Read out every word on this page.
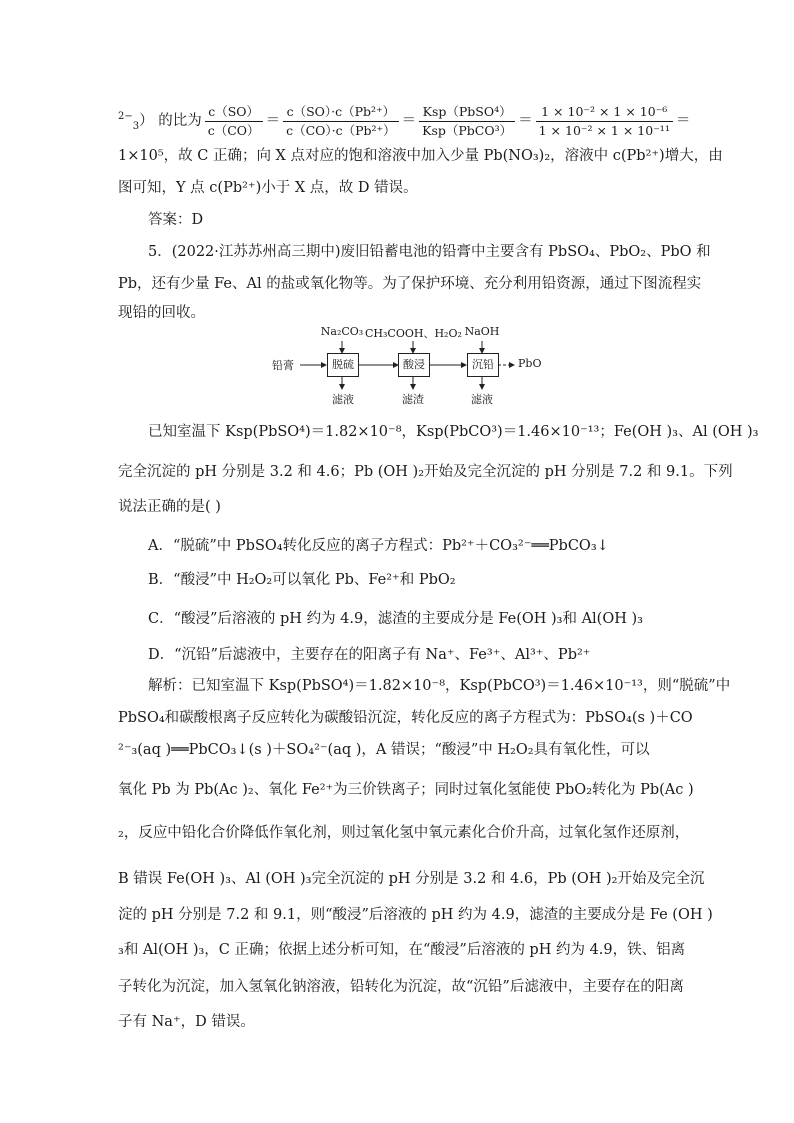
$^{2-}_3$） 的比为 $\frac{c(SO)}{c(CO)} = \frac{\text{c（SO）·c（Pb²⁺）}}{\text{c（CO）·c（Pb²⁺）}} = \frac{\text{Ksp（PbSO⁴）}}{\text{Ksp（PbCO³）}} = \frac{\text{1 × 10⁻² × 1 × 10⁻⁶}}{\text{1 × 10⁻² × 1 × 10⁻¹¹}}$ ＝
1×10⁵，故 C 正确；向 X 点对应的饱和溶液中加入少量 Pb(NO₃)₂，溶液中 c(Pb²⁺)增大，由
图可知，Y 点 c(Pb²⁺)小于 X 点，故 D 错误。
答案：D
5．(2022·江苏苏州高三期中)废旧铅蓄电池的铅膏中主要含有 PbSO₄、PbO₂、PbO 和
Pb，还有少量 Fe、Al 的盐或氧化物等。为了保护环境、充分利用铅资源，通过下图流程实
现铅的回收。
Na₂CO₃ CH₃COOH、H₂O₂ NaOH
铅膏	脱硫	酸浸	沉铅	PbO
滤液	滤渣	滤液
已知室温下 Ksp(PbSO⁴)＝1.82×10⁻⁸，Ksp(PbCO³)＝1.46×10⁻¹³；Fe(OH )₃、Al (OH )₃
完全沉淀的 pH 分别是 3.2 和 4.6；Pb (OH )₂开始及完全沉淀的 pH 分别是 7.2 和 9.1。下列
说法正确的是( )
A．“脱硫”中 PbSO₄转化反应的离子方程式：Pb²⁺＋CO₃²⁻══PbCO₃↓
B．“酸浸”中 H₂O₂可以氧化 Pb、Fe²⁺和 PbO₂
C．“酸浸”后溶液的 pH 约为 4.9，滤渣的主要成分是 Fe(OH )₃和 Al(OH )₃
D．“沉铅”后滤液中，主要存在的阳离子有 Na⁺、Fe³⁺、Al³⁺、Pb²⁺
解析：已知室温下 Ksp(PbSO⁴)＝1.82×10⁻⁸，Ksp(PbCO³)＝1.46×10⁻¹³，则“脱硫”中
PbSO₄和碳酸根离子反应转化为碳酸铅沉淀，转化反应的离子方程式为：PbSO₄(s )＋CO
²⁻₃(aq )══PbCO₃↓(s )＋SO₄²⁻(aq )，A 错误；“酸浸”中 H₂O₂具有氧化性，可以
氧化 Pb 为 Pb(Ac )₂、氧化 Fe²⁺为三价铁离子；同时过氧化氢能使 PbO₂转化为 Pb(Ac )
₂，反应中铅化合价降低作氧化剂，则过氧化氢中氧元素化合价升高，过氧化氢作还原剂，
B 错误 Fe(OH )₃、Al (OH )₃完全沉淀的 pH 分别是 3.2 和 4.6，Pb (OH )₂开始及完全沉
淀的 pH 分别是 7.2 和 9.1，则“酸浸”后溶液的 pH 约为 4.9，滤渣的主要成分是 Fe (OH )
₃和 Al(OH )₃，C 正确；依据上述分析可知，在“酸浸”后溶液的 pH 约为 4.9，铁、铝离
子转化为沉淀，加入氢氧化钠溶液，铅转化为沉淀，故“沉铅”后滤液中，主要存在的阳离
子有 Na⁺，D 错误。
